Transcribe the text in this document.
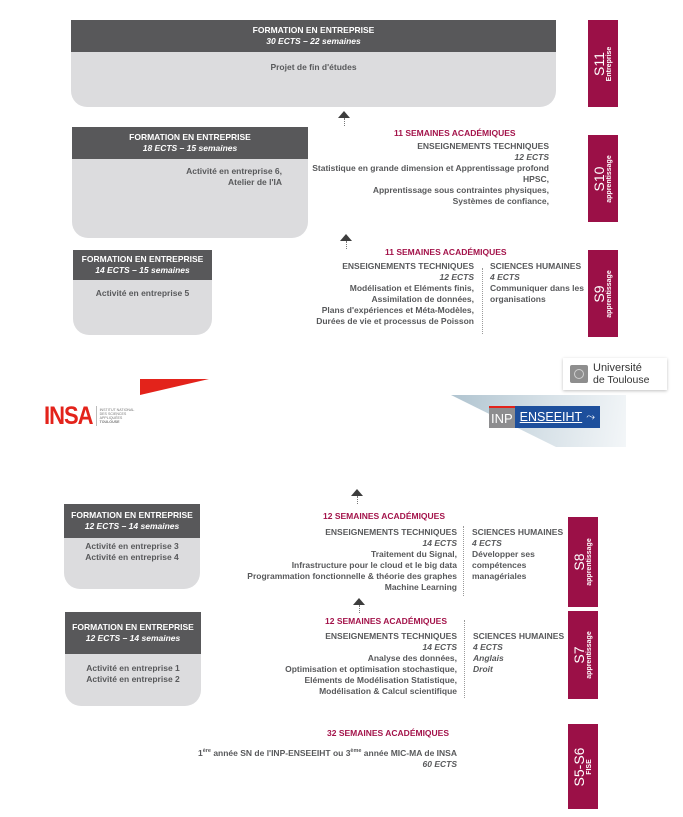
FORMATION EN ENTREPRISE
30 ECTS – 22 semaines
Projet de fin d'études	S11 Entreprise
FORMATION EN ENTREPRISE
18 ECTS – 15 semaines
Activité en entreprise 6,
Atelier de l'IA
11 SEMAINES ACADÉMIQUES
ENSEIGNEMENTS TECHNIQUES
12 ECTS
Statistique en grande dimension et Apprentissage profond
HPSC,
Apprentissage sous contraintes physiques,
Systèmes de confiance,
S10 apprentissage
FORMATION EN ENTREPRISE
14 ECTS – 15 semaines
Activité en entreprise 5
11 SEMAINES ACADÉMIQUES
ENSEIGNEMENTS TECHNIQUES
12 ECTS
Modélisation et Eléments finis,
Assimilation de données,
Plans d'expériences et Méta-Modèles,
Durées de vie et processus de Poisson
SCIENCES HUMAINES
4 ECTS
Communiquer dans les
organisations	S9 apprentissage
INSA INSTITUT NATIONAL
DES SCIENCES
APPLIQUÉES
TOULOUSE
Université
de Toulouse
INP ENSEEIHT ⤳
FORMATION EN ENTREPRISE
12 ECTS – 14 semaines
Activité en entreprise 3
Activité en entreprise 4
12 SEMAINES ACADÉMIQUES
ENSEIGNEMENTS TECHNIQUES
14 ECTS
Traitement du Signal,
Infrastructure pour le cloud et le big data
Programmation fonctionnelle & théorie des graphes
Machine Learning
SCIENCES HUMAINES
4 ECTS
Développer ses
compétences
managériales
S8 apprentissage
FORMATION EN ENTREPRISE
12 ECTS – 14 semaines
Activité en entreprise 1
Activité en entreprise 2
12 SEMAINES ACADÉMIQUES
ENSEIGNEMENTS TECHNIQUES
14 ECTS
Analyse des données,
Optimisation et optimisation stochastique,
Eléments de Modélisation Statistique,
Modélisation & Calcul scientifique
SCIENCES HUMAINES
4 ECTS
Anglais
Droit
S7 apprentissage
32 SEMAINES ACADÉMIQUES
1ère année SN de l'INP-ENSEEIHT ou 3ème année MIC-MA de INSA
60 ECTS	S5-S6 FISE
